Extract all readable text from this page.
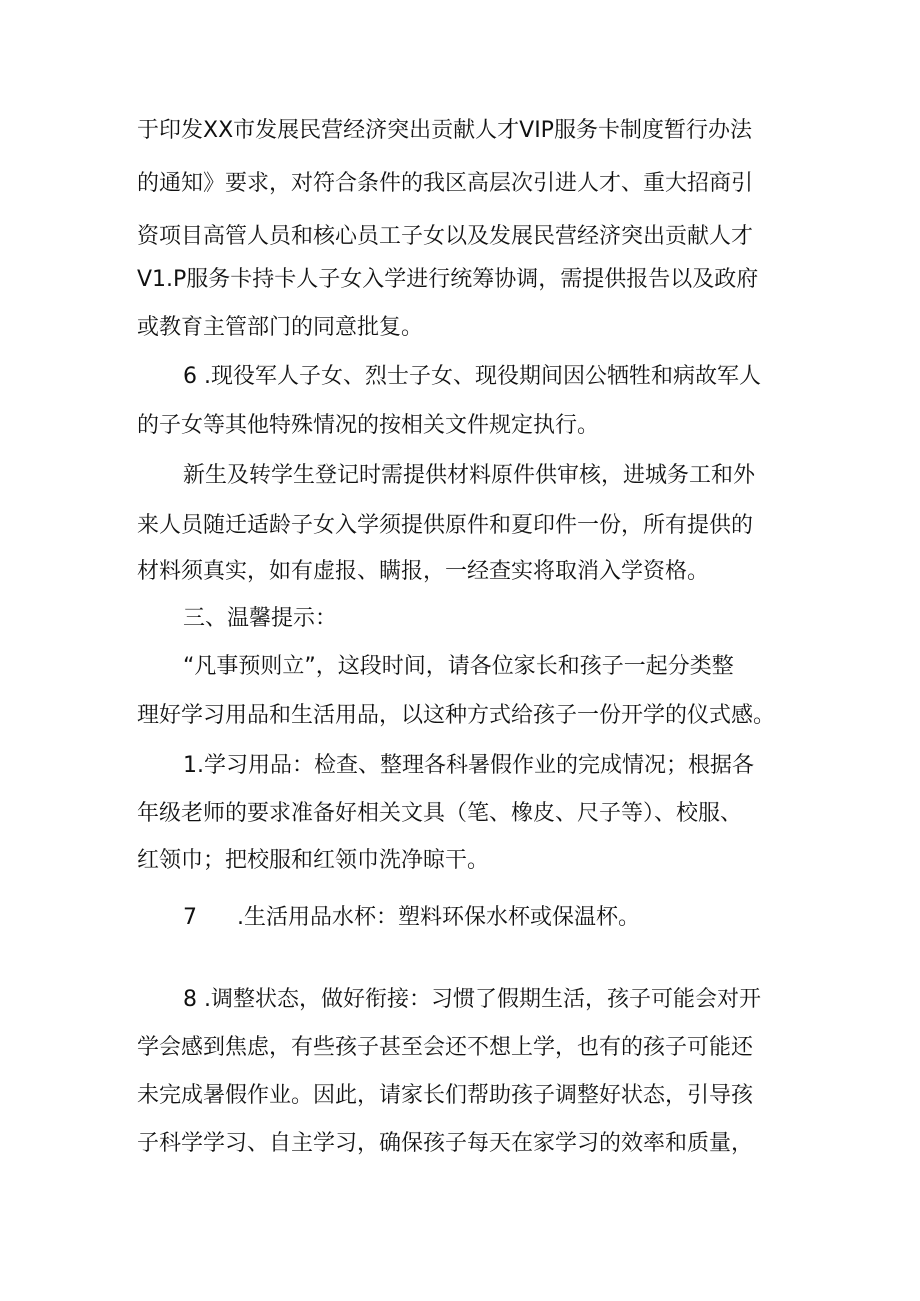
于印发XX市发展民营经济突出贡献人才VIP服务卡制度暂行办法
的通知》要求，对符合条件的我区高层次引进人才、重大招商引
资项目高管人员和核心员工子女以及发展民营经济突出贡献人才
V1.P服务卡持卡人子女入学进行统筹协调，需提供报告以及政府
或教育主管部门的同意批复。
6 .现役军人子女、烈士子女、现役期间因公牺牲和病故军人
的子女等其他特殊情况的按相关文件规定执行。
新生及转学生登记时需提供材料原件供审核，进城务工和外
来人员随迁适龄子女入学须提供原件和夏印件一份，所有提供的
材料须真实，如有虚报、瞒报，一经查实将取消入学资格。
三、温馨提示：
“凡事预则立”，这段时间，请各位家长和孩子一起分类整
理好学习用品和生活用品，以这种方式给孩子一份开学的仪式感。
1.学习用品：检查、整理各科暑假作业的完成情况；根据各
年级老师的要求准备好相关文具（笔、橡皮、尺子等）、校服、
红领巾；把校服和红领巾洗净晾干。
7 .生活用品水杯：塑料环保水杯或保温杯。
8 .调整状态，做好衔接：习惯了假期生活，孩子可能会对开
学会感到焦虑，有些孩子甚至会还不想上学，也有的孩子可能还
未完成暑假作业。因此，请家长们帮助孩子调整好状态，引导孩
子科学学习、自主学习，确保孩子每天在家学习的效率和质量，
